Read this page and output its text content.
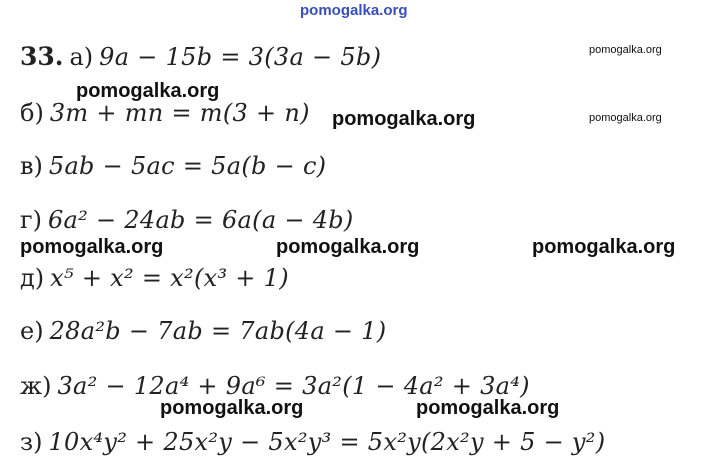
pomogalka.org
pomogalka.org
pomogalka.org
pomogalka.org
pomogalka.org
pomogalka.org	pomogalka.org	pomogalka.org
pomogalka.org	pomogalka.org
33. а) 9a − 15b = 3(3a − 5b)
б) 3m + mn = m(3 + n)
в) 5ab − 5ac = 5a(b − c)
г) 6a² − 24ab = 6a(a − 4b)
д) x⁵ + x² = x²(x³ + 1)
е) 28a²b − 7ab = 7ab(4a − 1)
ж) 3a² − 12a⁴ + 9a⁶ = 3a²(1 − 4a² + 3a⁴)
з) 10x⁴y² + 25x²y − 5x²y³ = 5x²y(2x²y + 5 − y²)
